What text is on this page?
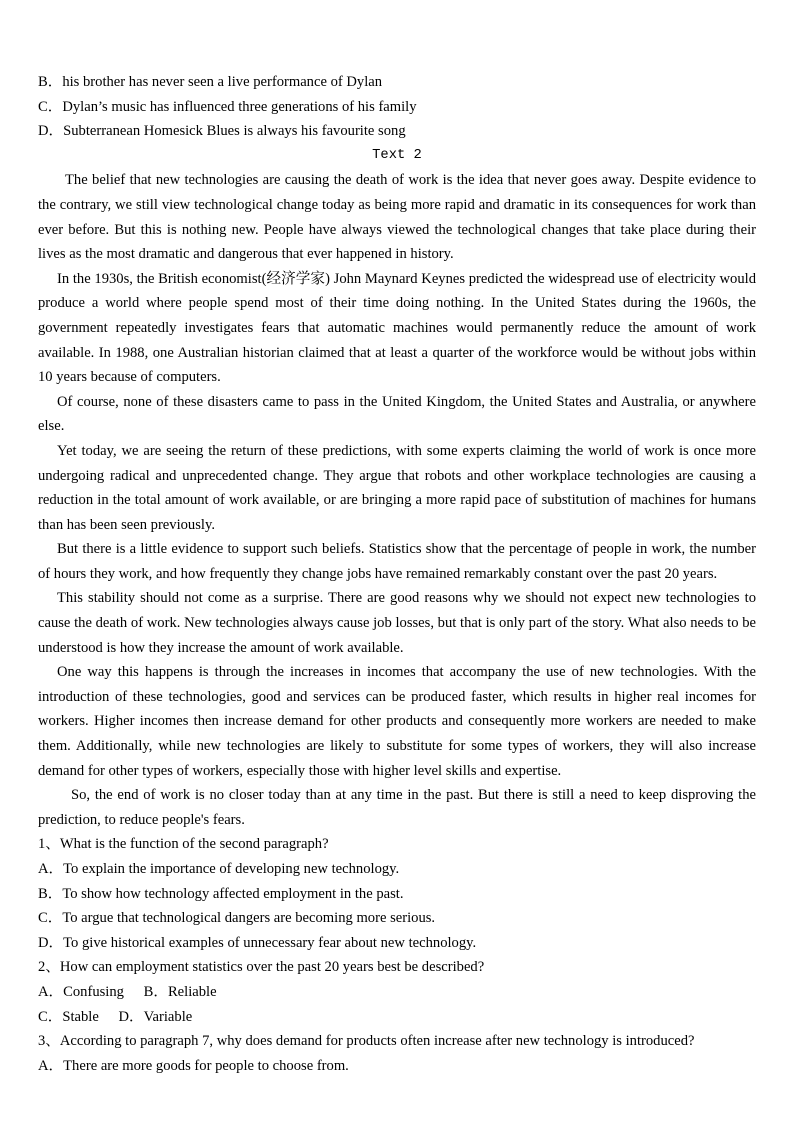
B．his brother has never seen a live performance of Dylan
C．Dylan’s music has influenced three generations of his family
D．Subterranean Homesick Blues is always his favourite song
Text 2

The belief that new technologies are causing the death of work is the idea that never goes away. Despite evidence to the contrary, we still view technological change today as being more rapid and dramatic in its consequences for work than ever before. But this is nothing new. People have always viewed the technological changes that take place during their lives as the most dramatic and dangerous that ever happened in history.

In the 1930s, the British economist(经济学家) John Maynard Keynes predicted the widespread use of electricity would produce a world where people spend most of their time doing nothing. In the United States during the 1960s, the government repeatedly investigates fears that automatic machines would permanently reduce the amount of work available. In 1988, one Australian historian claimed that at least a quarter of the workforce would be without jobs within 10 years because of computers.

Of course, none of these disasters came to pass in the United Kingdom, the United States and Australia, or anywhere else.

Yet today, we are seeing the return of these predictions, with some experts claiming the world of work is once more undergoing radical and unprecedented change. They argue that robots and other workplace technologies are causing a reduction in the total amount of work available, or are bringing a more rapid pace of substitution of machines for humans than has been seen previously.

But there is a little evidence to support such beliefs. Statistics show that the percentage of people in work, the number of hours they work, and how frequently they change jobs have remained remarkably constant over the past 20 years.

This stability should not come as a surprise. There are good reasons why we should not expect new technologies to cause the death of work. New technologies always cause job losses, but that is only part of the story. What also needs to be understood is how they increase the amount of work available.

One way this happens is through the increases in incomes that accompany the use of new technologies. With the introduction of these technologies, good and services can be produced faster, which results in higher real incomes for workers. Higher incomes then increase demand for other products and consequently more workers are needed to make them. Additionally, while new technologies are likely to substitute for some types of workers, they will also increase demand for other types of workers, especially those with higher level skills and expertise.

So, the end of work is no closer today than at any time in the past. But there is still a need to keep disproving the prediction, to reduce people's fears.

1、What is the function of the second paragraph?

A．To explain the importance of developing new technology.

B．To show how technology affected employment in the past.

C．To argue that technological dangers are becoming more serious.

D．To give historical examples of unnecessary fear about new technology.

2、How can employment statistics over the past 20 years best be described?

A．Confusing B．Reliable

C．Stable D．Variable

3、According to paragraph 7, why does demand for products often increase after new technology is introduced?

A．There are more goods for people to choose from.
